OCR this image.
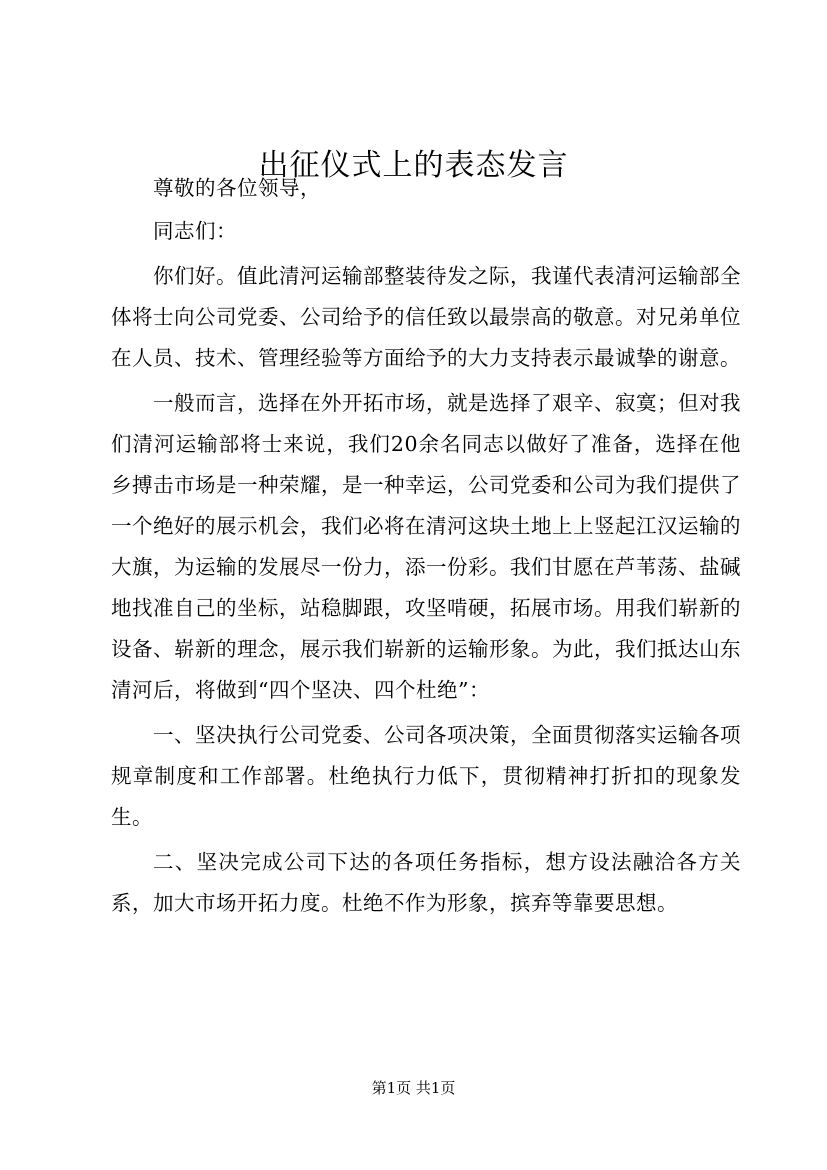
出征仪式上的表态发言

尊敬的各位领导，

同志们：

你们好。值此清河运输部整装待发之际，我谨代表清河运输部全体将士向公司党委、公司给予的信任致以最崇高的敬意。对兄弟单位在人员、技术、管理经验等方面给予的大力支持表示最诚挚的谢意。

一般而言，选择在外开拓市场，就是选择了艰辛、寂寞；但对我们清河运输部将士来说，我们20余名同志以做好了准备，选择在他乡搏击市场是一种荣耀，是一种幸运，公司党委和公司为我们提供了一个绝好的展示机会，我们必将在清河这块土地上上竖起江汉运输的大旗，为运输的发展尽一份力，添一份彩。我们甘愿在芦苇荡、盐碱地找准自己的坐标，站稳脚跟，攻坚啃硬，拓展市场。用我们崭新的设备、崭新的理念，展示我们崭新的运输形象。为此，我们抵达山东清河后，将做到“四个坚决、四个杜绝”：

一、坚决执行公司党委、公司各项决策，全面贯彻落实运输各项规章制度和工作部署。杜绝执行力低下，贯彻精神打折扣的现象发生。

二、坚决完成公司下达的各项任务指标，想方设法融洽各方关系，加大市场开拓力度。杜绝不作为形象，摈弃等靠要思想。

第1页 共1页
